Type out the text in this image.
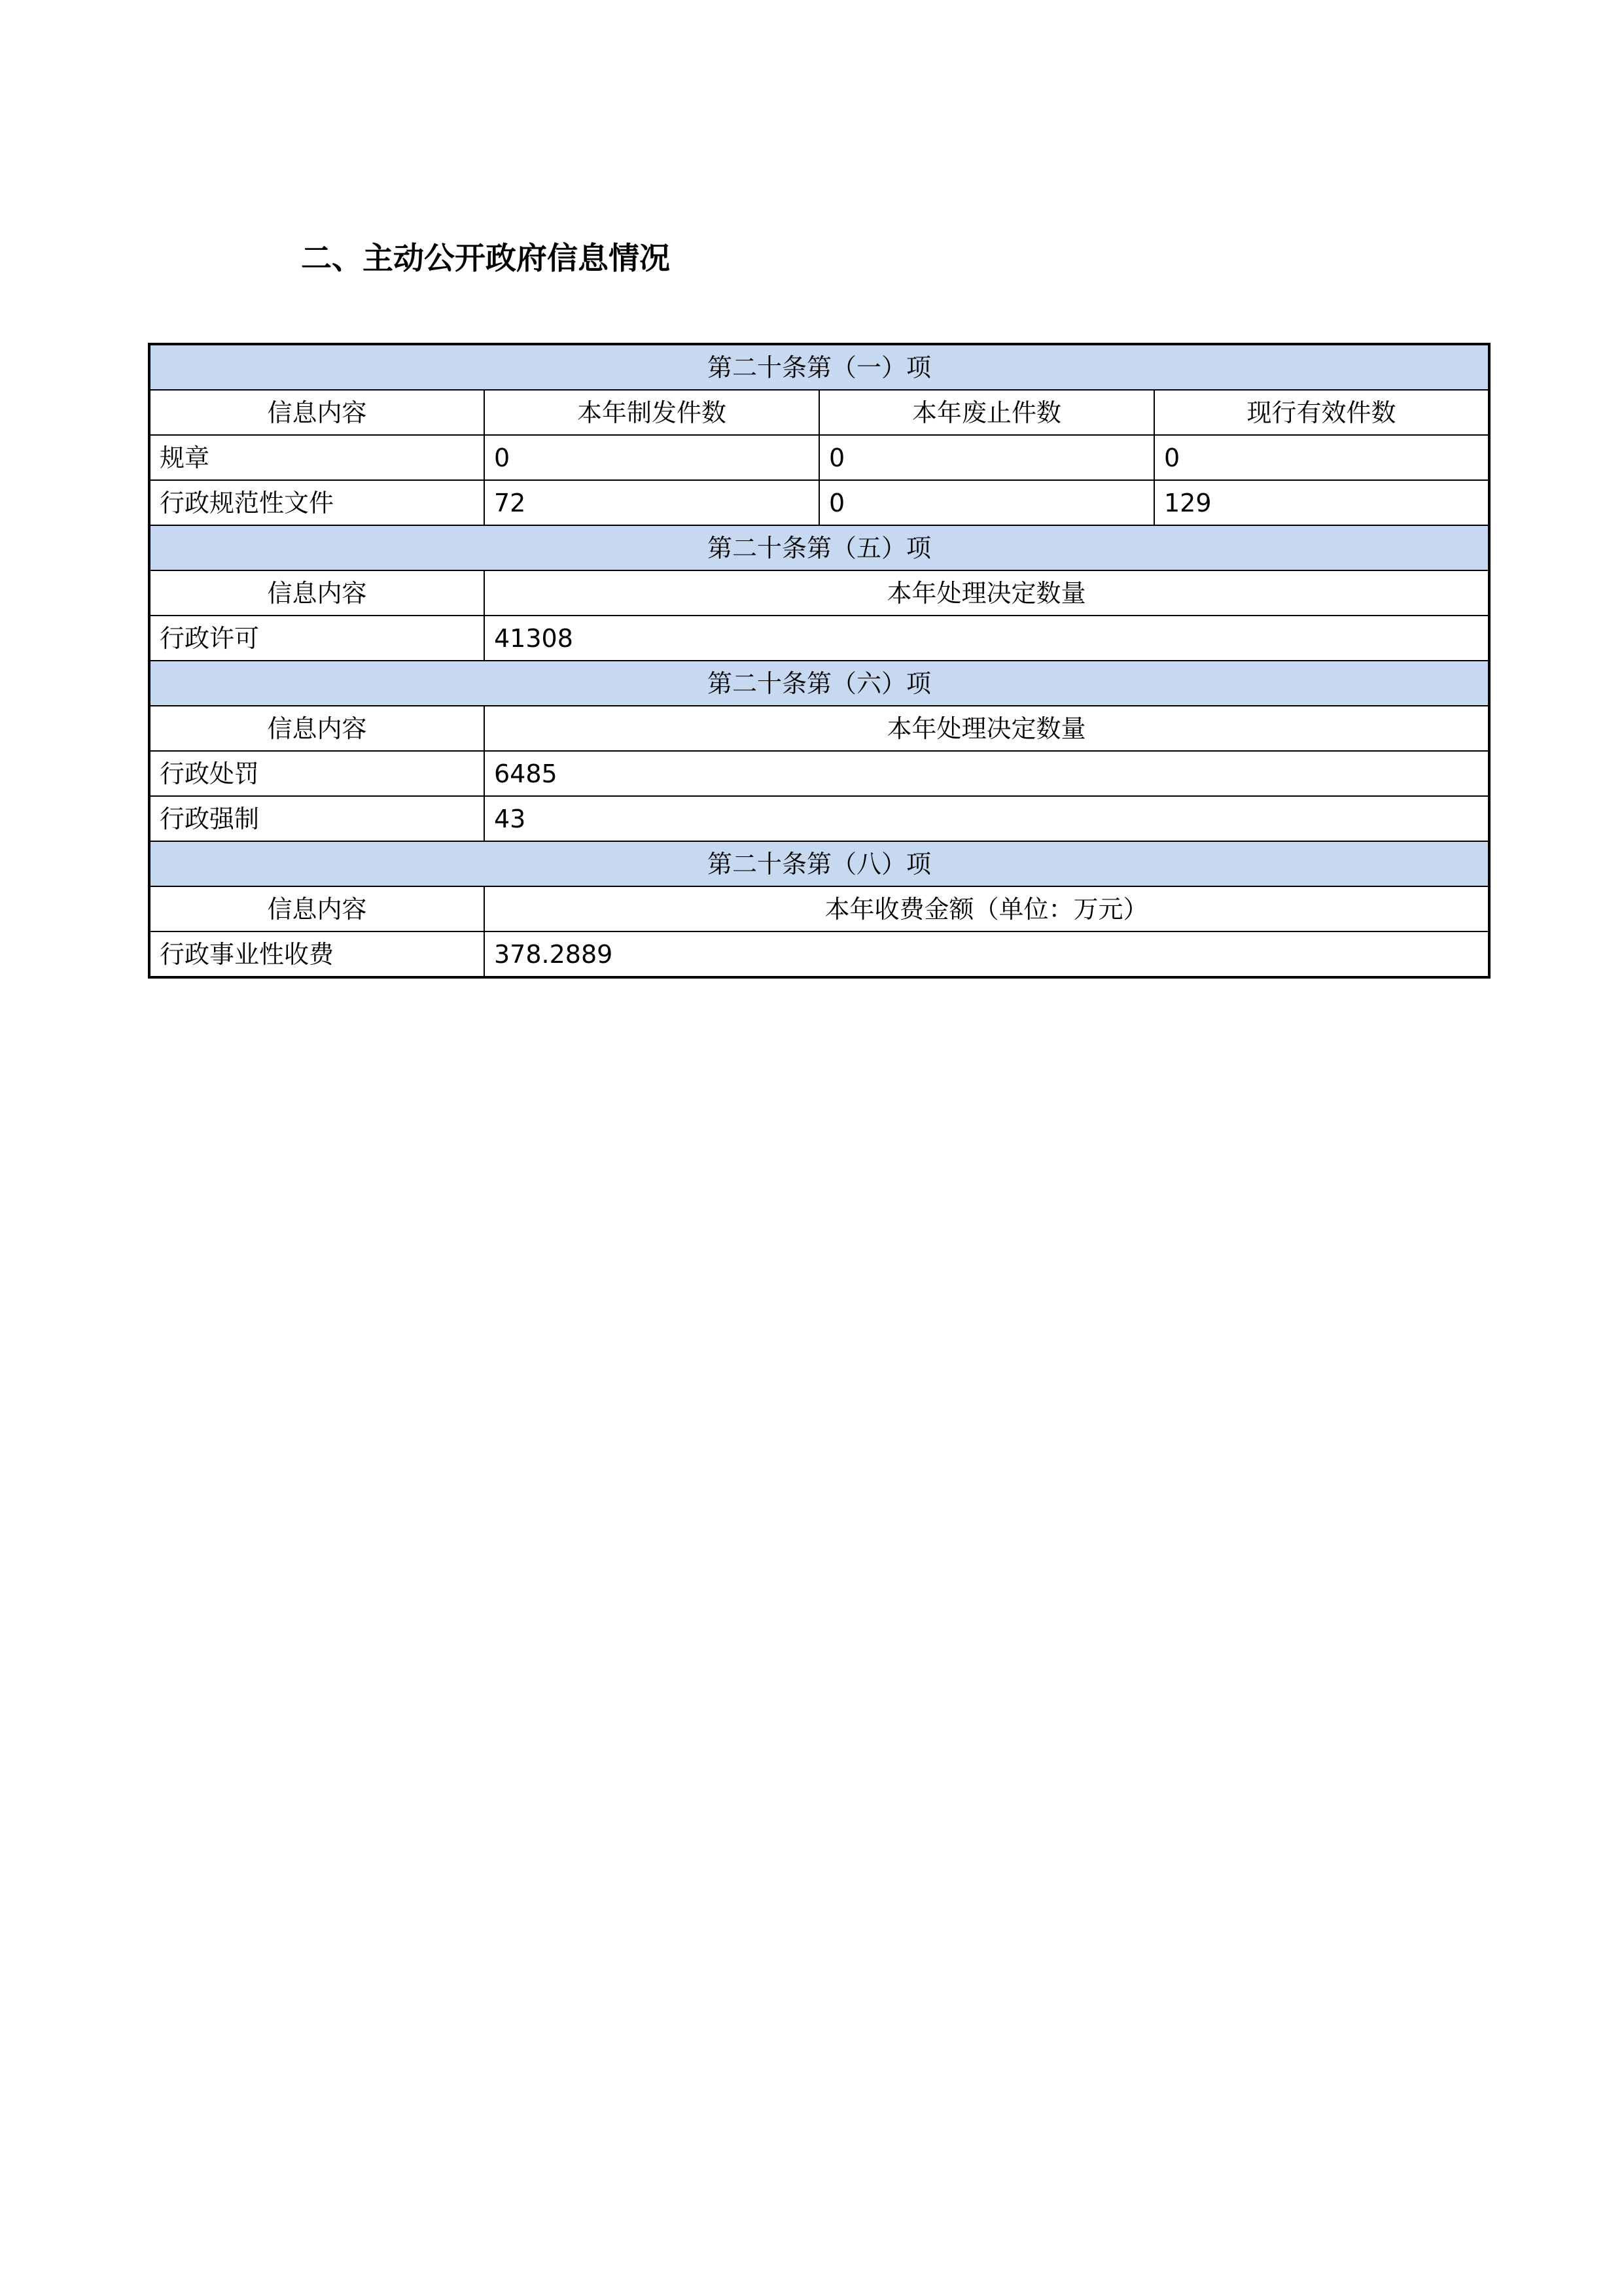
二、主动公开政府信息情况
第二十条第（一）项			
信息内容	本年制发件数	本年废止件数	现行有效件数
规章	0	0	0
行政规范性文件	72	0	129
第二十条第（五）项			
信息内容	本年处理决定数量		
行政许可	41308		
第二十条第（六）项			
信息内容	本年处理决定数量		
行政处罚	6485		
行政强制	43		
第二十条第（八）项			
信息内容	本年收费金额（单位：万元）		
行政事业性收费	378.2889		
